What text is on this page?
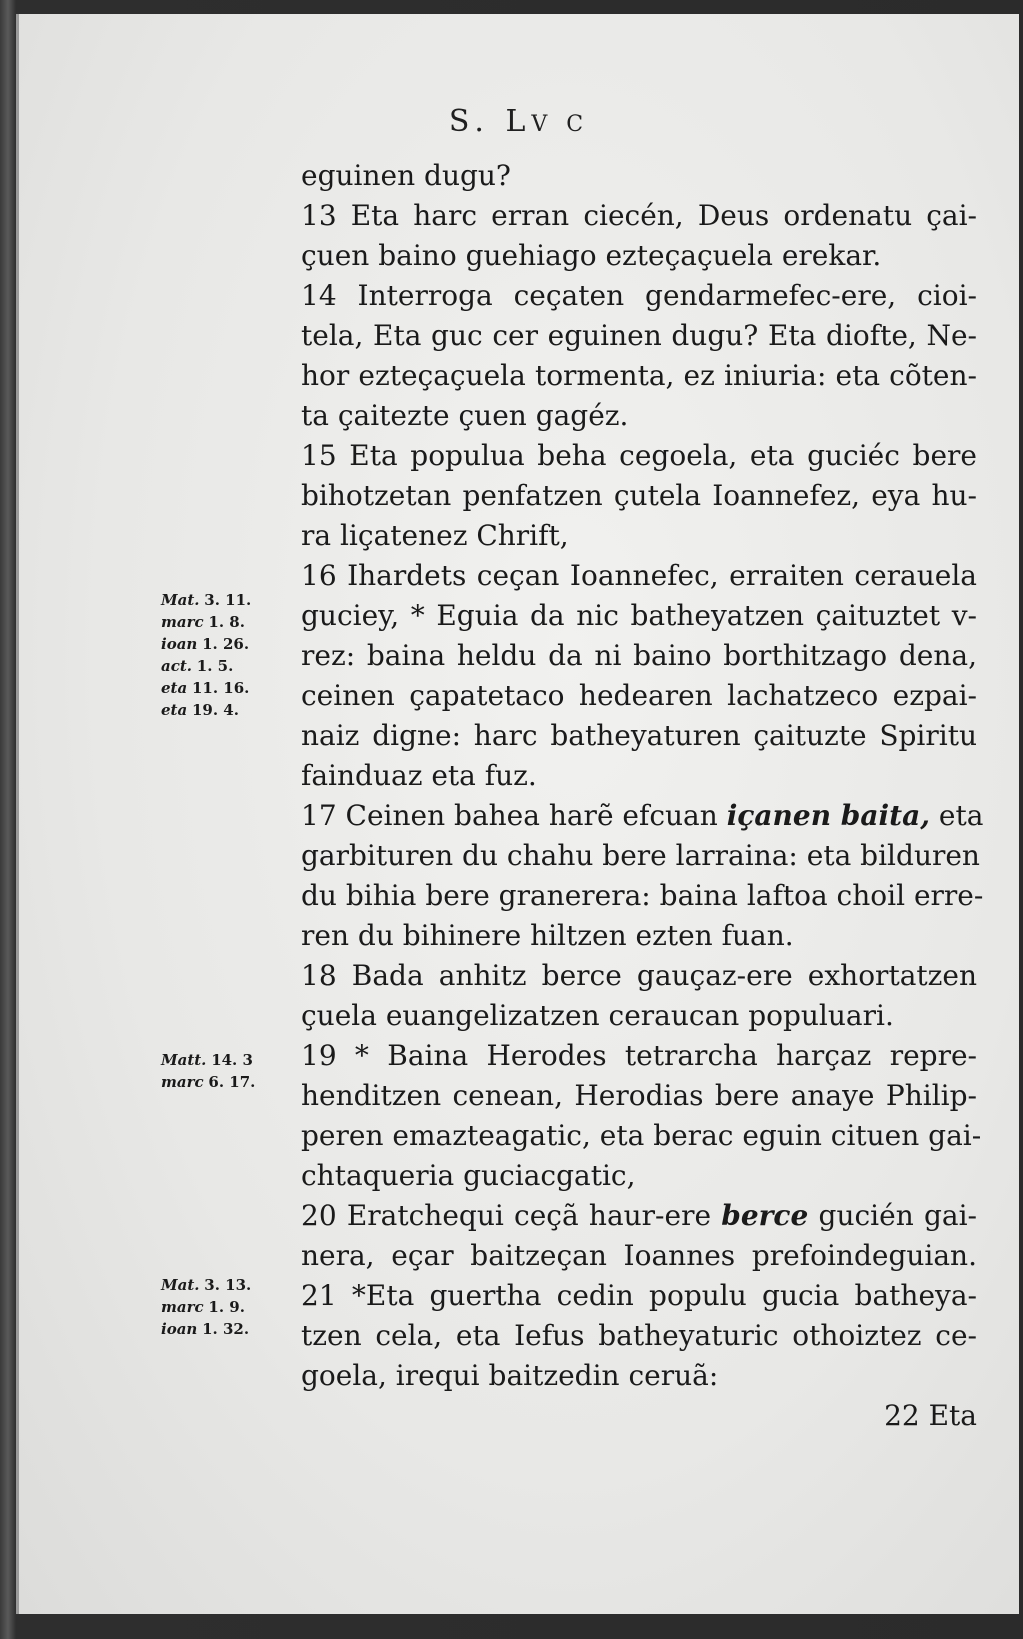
S. LV C
eguinen dugu?
13 Eta harc erran ciecén, Deus ordenatu çai-
çuen baino guehiago ezteçaçuela erekar.
14 Interroga ceçaten gendarmefec-ere, cioi-
tela, Eta guc cer eguinen dugu? Eta diofte, Ne-
hor ezteçaçuela tormenta, ez iniuria: eta cõten-
ta çaitezte çuen gagéz.
15 Eta populua beha cegoela, eta guciéc bere
bihotzetan penfatzen çutela Ioannefez, eya hu-
ra liçatenez Chrift,
16 Ihardets ceçan Ioannefec, erraiten cerauela
guciey, * Eguia da nic batheyatzen çaituztet v-
rez: baina heldu da ni baino borthitzago dena,
ceinen çapatetaco hedearen lachatzeco ezpai-
naiz digne: harc batheyaturen çaituzte Spiritu
fainduaz eta fuz.
17 Ceinen bahea harẽ efcuan içanen baita, eta
garbituren du chahu bere larraina: eta bilduren
du bihia bere granerera: baina laftoa choil erre-
ren du bihinere hiltzen ezten fuan.
18 Bada anhitz berce gauçaz-ere exhortatzen
çuela euangelizatzen ceraucan populuari.
19 * Baina Herodes tetrarcha harçaz repre-
henditzen cenean, Herodias bere anaye Philip-
peren emazteagatic, eta berac eguin cituen gai-
chtaqueria guciacgatic,
20 Eratchequi ceçã haur-ere berce gucién gai-
nera, eçar baitzeçan Ioannes prefoindeguian.
21 *Eta guertha cedin populu gucia batheya-
tzen cela, eta Iefus batheyaturic othoiztez ce-
goela, irequi baitzedin ceruã:
22 Eta
Mat. 3. 11.
marc 1. 8.
ioan 1. 26.
act. 1. 5.
eta 11. 16.
eta 19. 4.
Matt. 14. 3
marc 6. 17.
Mat. 3. 13.
marc 1. 9.
ioan 1. 32.
